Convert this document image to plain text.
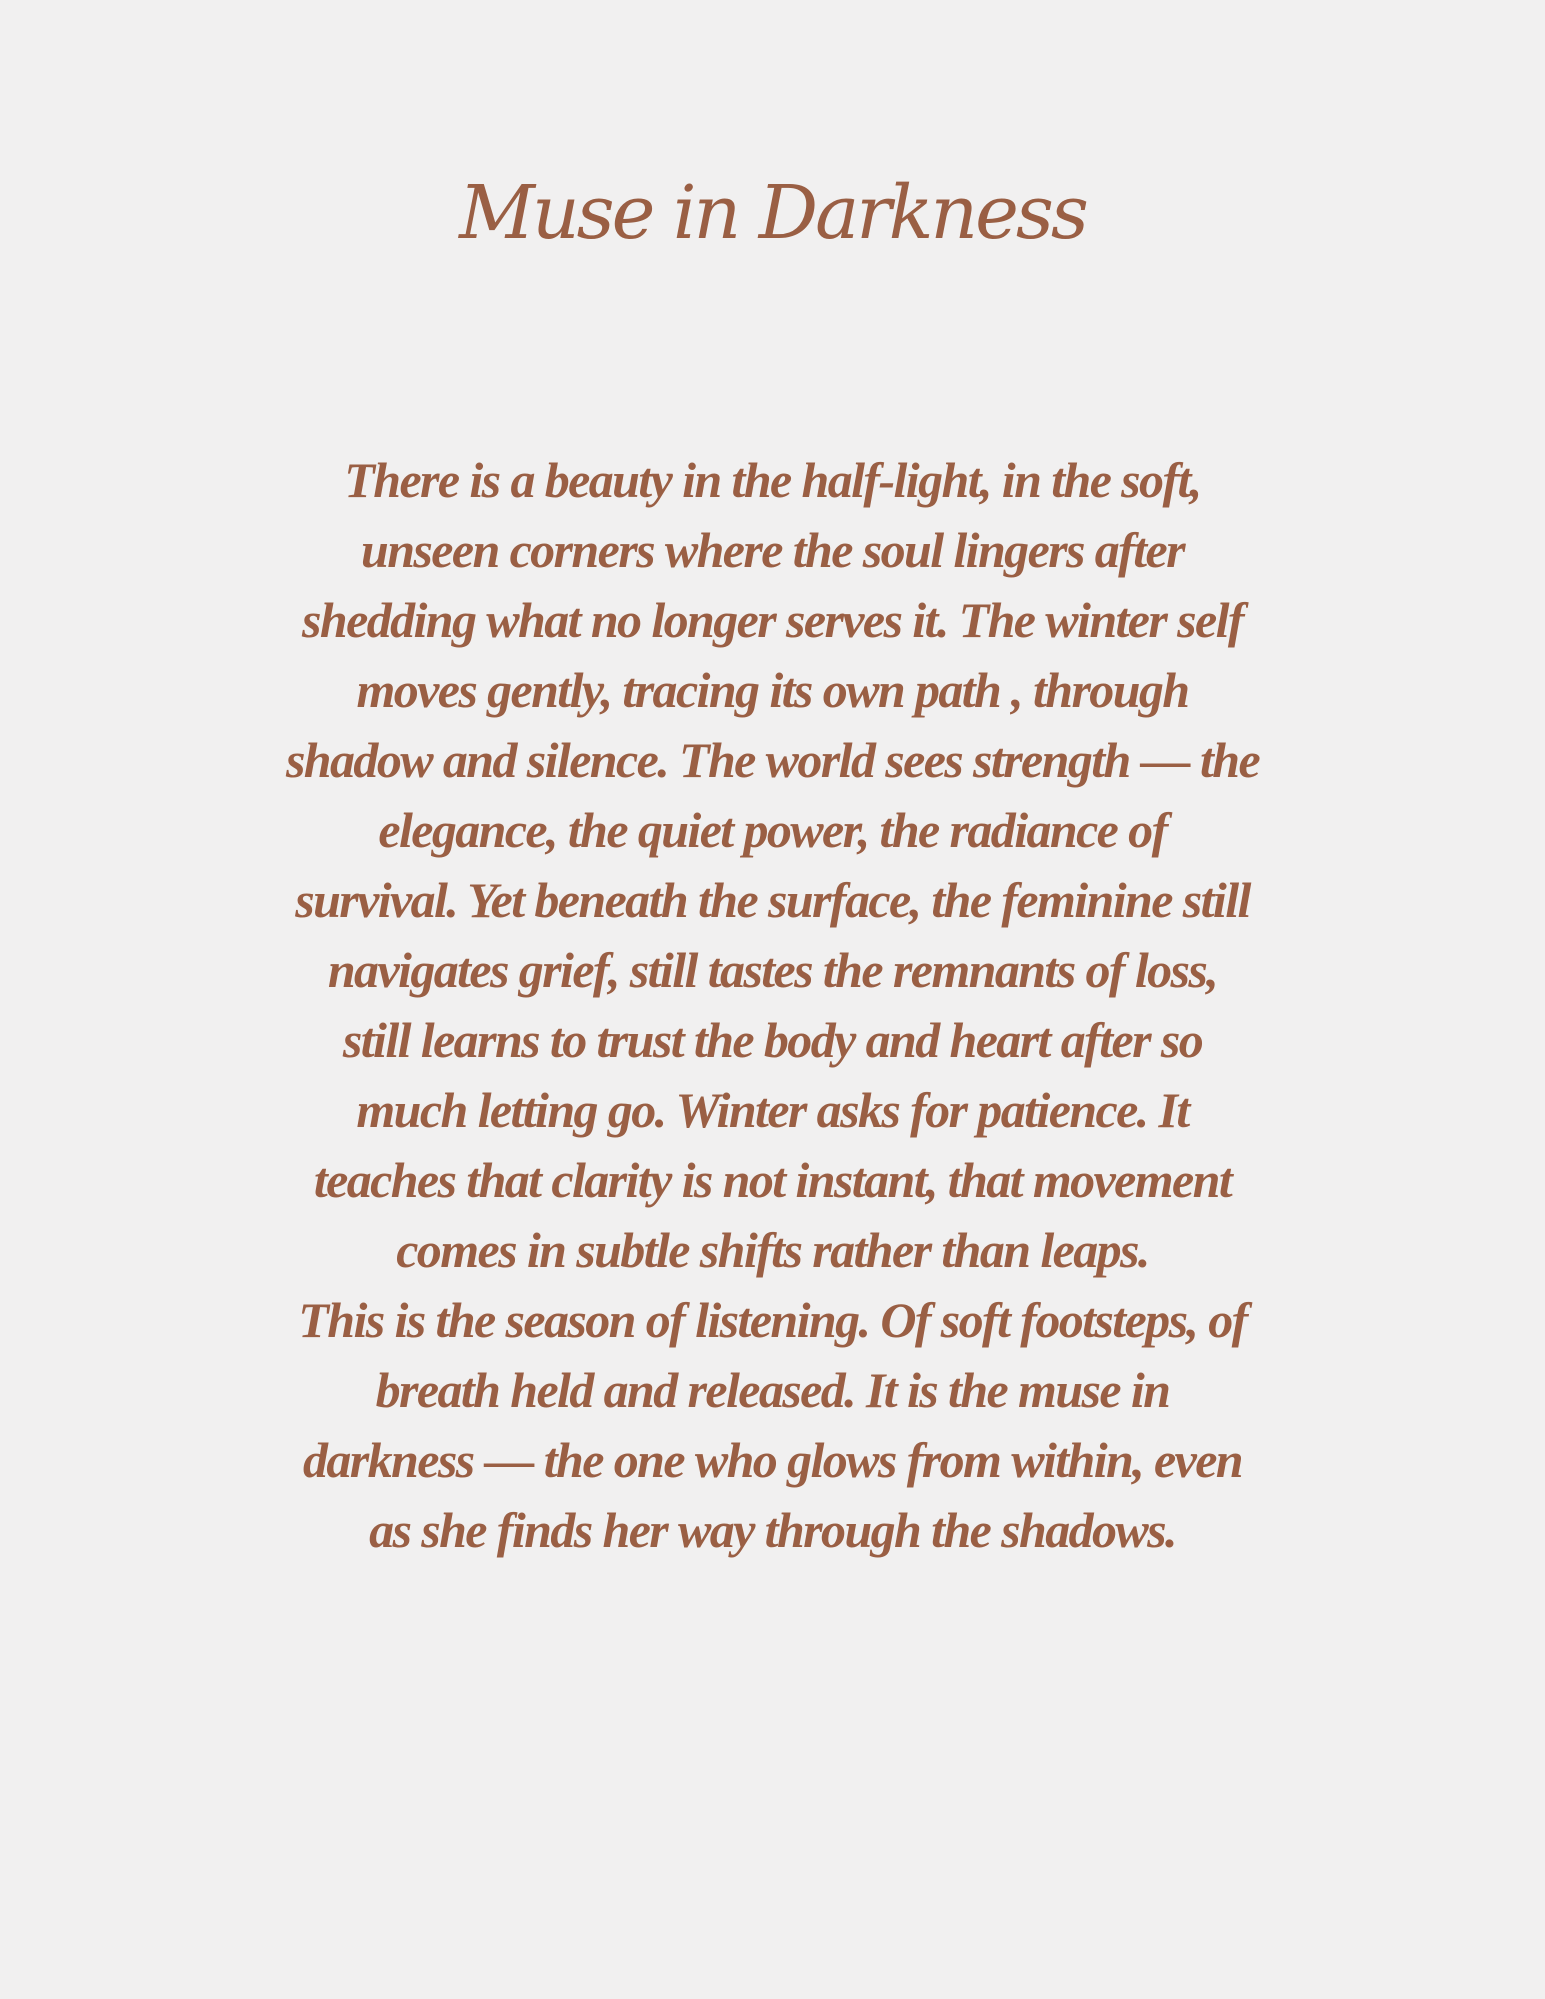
Muse in Darkness
There is a beauty in the half-light, in the soft,
unseen corners where the soul lingers after
shedding what no longer serves it. The winter self
moves gently, tracing its own path , through
shadow and silence. The world sees strength — the
elegance, the quiet power, the radiance of
survival. Yet beneath the surface, the feminine still
navigates grief, still tastes the remnants of loss,
still learns to trust the body and heart after so
much letting go. Winter asks for patience. It
teaches that clarity is not instant, that movement
comes in subtle shifts rather than leaps.
This is the season of listening. Of soft footsteps, of
breath held and released. It is the muse in
darkness — the one who glows from within, even
as she finds her way through the shadows.
